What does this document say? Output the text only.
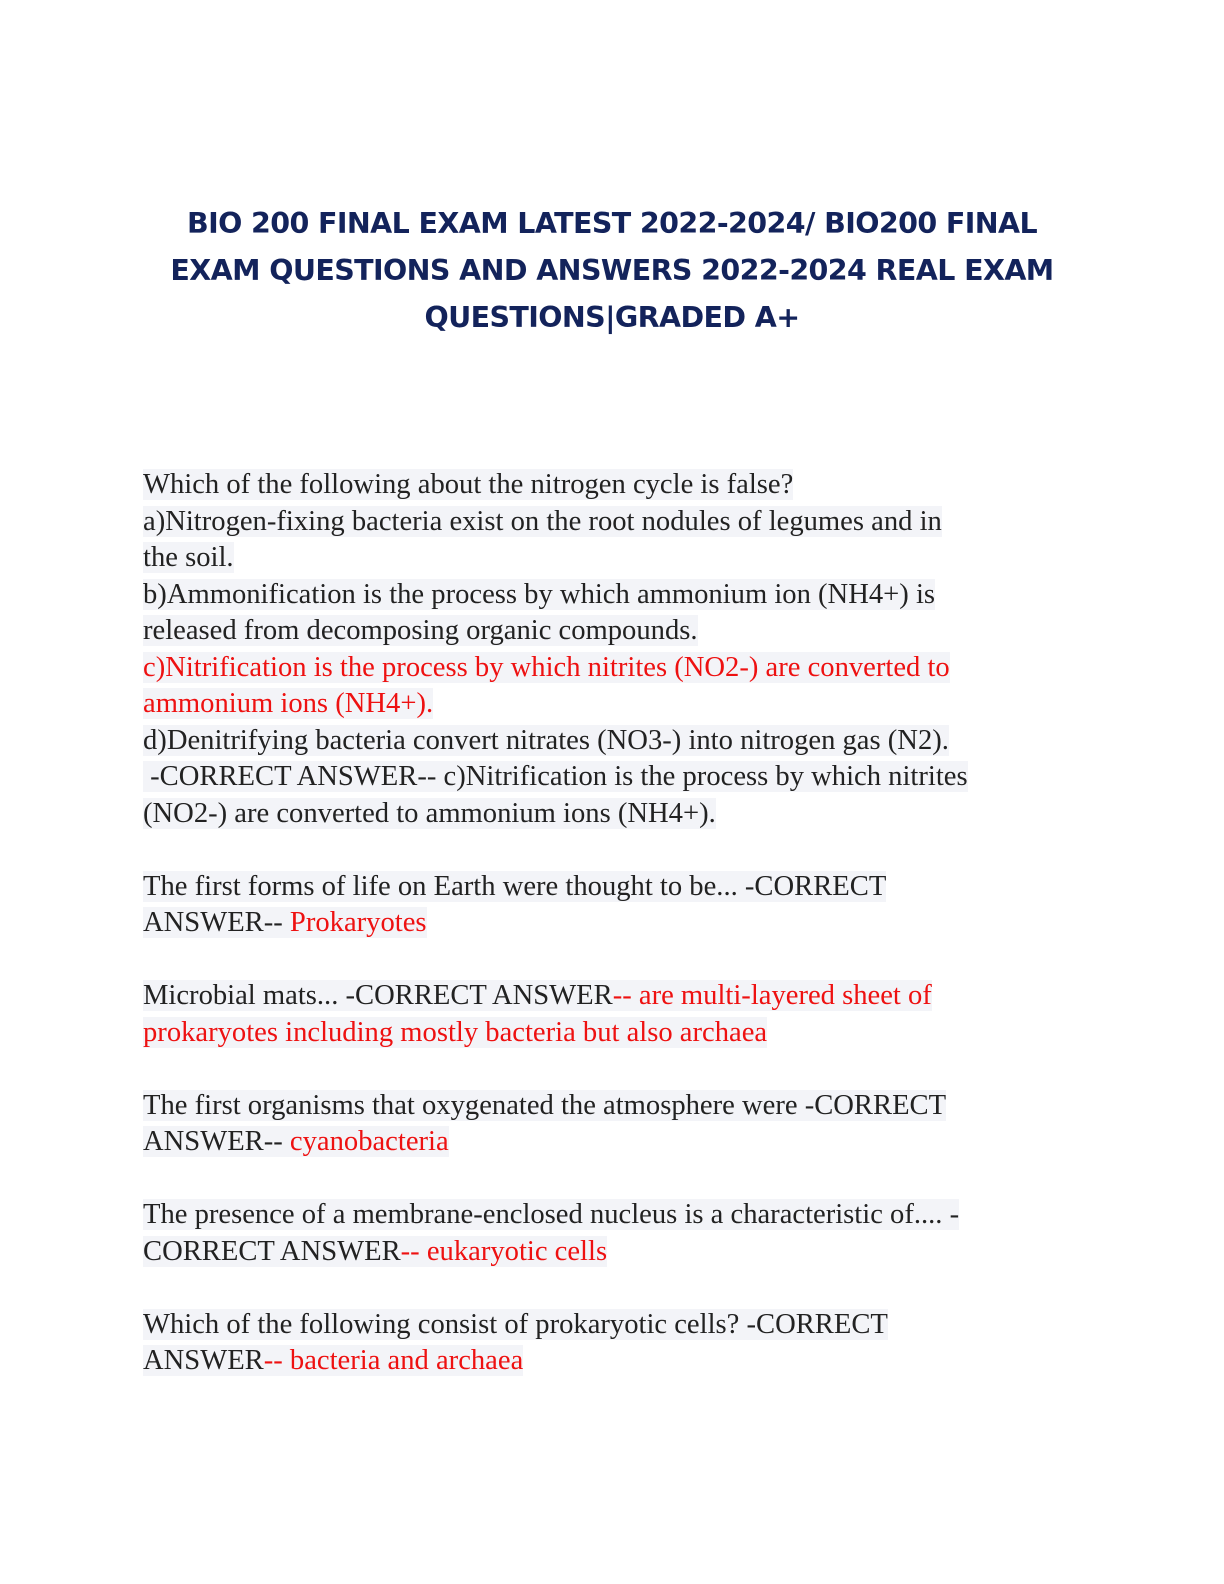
BIO 200 FINAL EXAM LATEST 2022-2024/ BIO200 FINAL
EXAM QUESTIONS AND ANSWERS 2022-2024 REAL EXAM
QUESTIONS|GRADED A+
Which of the following about the nitrogen cycle is false?
a)Nitrogen-fixing bacteria exist on the root nodules of legumes and in
the soil.
b)Ammonification is the process by which ammonium ion (NH4+) is
released from decomposing organic compounds.
c)Nitrification is the process by which nitrites (NO2-) are converted to
ammonium ions (NH4+).
d)Denitrifying bacteria convert nitrates (NO3-) into nitrogen gas (N2).
-CORRECT ANSWER-- c)Nitrification is the process by which nitrites
(NO2-) are converted to ammonium ions (NH4+).
The first forms of life on Earth were thought to be... -CORRECT
ANSWER-- Prokaryotes
Microbial mats... -CORRECT ANSWER-- are multi-layered sheet of
prokaryotes including mostly bacteria but also archaea
The first organisms that oxygenated the atmosphere were -CORRECT
ANSWER-- cyanobacteria
The presence of a membrane-enclosed nucleus is a characteristic of.... -
CORRECT ANSWER-- eukaryotic cells
Which of the following consist of prokaryotic cells? -CORRECT
ANSWER-- bacteria and archaea
